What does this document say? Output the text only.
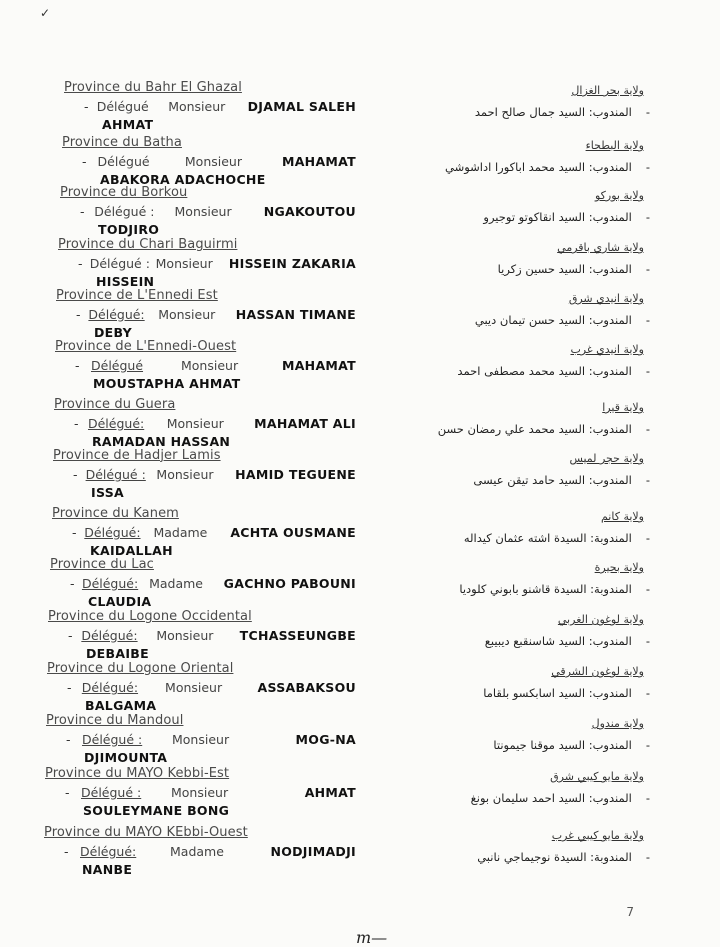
✓
Province du Bahr El Ghazal
- Délégué	Monsieur	DJAMAL SALEH
AHMAT
ولاية بحر الغزال
-المندوب: السيد جمال صالح احمد
Province du Batha
- Délégué	Monsieur	MAHAMAT
ABAKORA ADACHOCHE
ولاية البطحاء
-المندوب: السيد محمد اباكورا اداشوشي
Province du Borkou
- Délégué :	Monsieur	NGAKOUTOU
TODJIRO
ولاية بوركو
-المندوب: السيد انقاكوتو توجيرو
Province du Chari Baguirmi
- Délégué : Monsieur	HISSEIN ZAKARIA
HISSEIN
ولاية شاري باقرمي
-المندوب: السيد حسين زكريا
Province de L'Ennedi Est
- Délégué:	Monsieur	HASSAN TIMANE
DEBY
ولاية انيدي شرق
-المندوب: السيد حسن تيمان ديبي
Province de L'Ennedi-Ouest
- Délégué	Monsieur	MAHAMAT
MOUSTAPHA AHMAT
ولاية انيدي غرب
-المندوب: السيد محمد مصطفى احمد
Province du Guera
- Délégué:	Monsieur	MAHAMAT ALI
RAMADAN HASSAN
ولاية قيرا
-المندوب: السيد محمد علي رمضان حسن
Province de Hadjer Lamis
- Délégué : Monsieur	HAMID TEGUENE
ISSA
ولاية حجر لميس
-المندوب: السيد حامد تيقن عيسى
Province du Kanem
- Délégué:	Madame	ACHTA OUSMANE
KAIDALLAH
ولاية كانم
-المندوبة: السيدة اشته عثمان كيداله
Province du Lac
- Délégué: Madame	GACHNO PABOUNI
CLAUDIA
ولاية بحيرة
-المندوبة: السيدة قاشنو بابوني كلوديا
Province du Logone Occidental
- Délégué:	Monsieur	TCHASSEUNGBE
DEBAIBE
ولاية لوغون الغربي
-المندوب: السيد شاسنقبع ديبيبع
Province du Logone Oriental
- Délégué:	Monsieur	ASSABAKSOU
BALGAMA
ولاية لوغون الشرقي
-المندوب: السيد اسابكسو بلقاما
Province du Mandoul
- Délégué :	Monsieur	MOG-NA
DJIMOUNTA
ولاية مندول
-المندوب: السيد موقنا جيمونتا
Province du MAYO Kebbi-Est
- Délégué :	Monsieur	AHMAT
SOULEYMANE BONG
ولاية مايو كيبي شرق
-المندوب: السيد احمد سليمان بونغ
Province du MAYO KEbbi-Ouest
- Délégué:	Madame	NODJIMADJI
NANBE
ولاية مايو كيبي غرب
-المندوبة: السيدة نوجيماجي نانبي
7
m—
